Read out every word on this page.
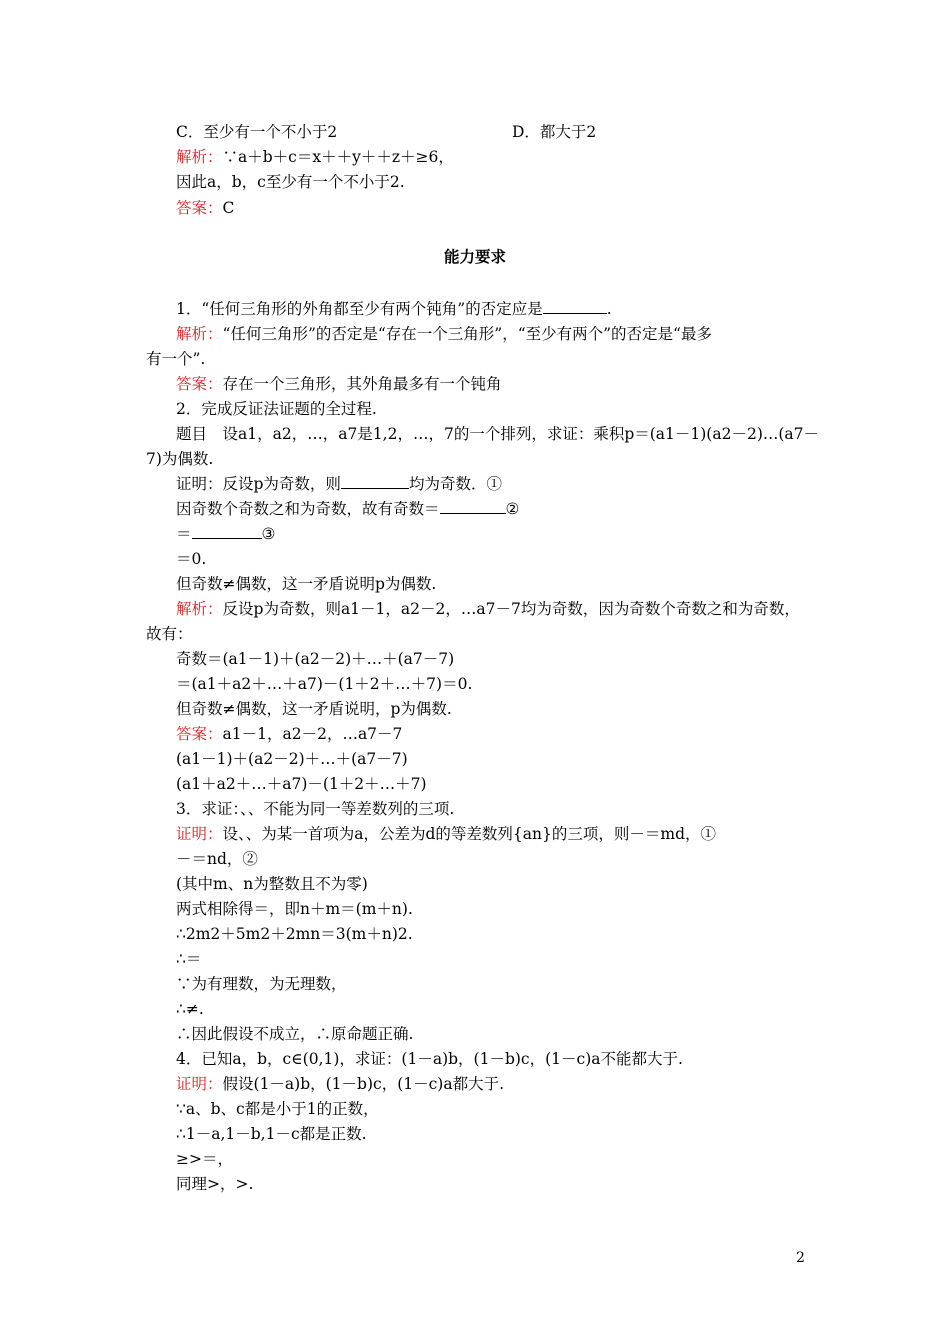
C．至少有一个不小于2	D．都大于2
解析：∵a＋b＋c＝x＋＋y＋＋z＋≥6，
因此a，b，c至少有一个不小于2.
答案：C
能力要求
1．“任何三角形的外角都至少有两个钝角”的否定应是	.
解析：“任何三角形”的否定是“存在一个三角形”，“至少有两个”的否定是“最多
有一个”.
答案：存在一个三角形，其外角最多有一个钝角
2．完成反证法证题的全过程.
题目　设a1，a2，…，a7是1,2，…，7的一个排列，求证：乘积p＝(a1－1)(a2－2)…(a7－
7)为偶数.
证明：反设p为奇数，则	均为奇数．①
因奇数个奇数之和为奇数，故有奇数＝	②
＝	③
＝0.
但奇数≠偶数，这一矛盾说明p为偶数.
解析：反设p为奇数，则a1－1，a2－2，…a7－7均为奇数，因为奇数个奇数之和为奇数，
故有：
奇数＝(a1－1)＋(a2－2)＋…＋(a7－7)
＝(a1＋a2＋…＋a7)－(1＋2＋…＋7)＝0.
但奇数≠偶数，这一矛盾说明，p为偶数.
答案：a1－1，a2－2，…a7－7
(a1－1)＋(a2－2)＋…＋(a7－7)
(a1＋a2＋…＋a7)－(1＋2＋…＋7)
3．求证：、、不能为同一等差数列的三项.
证明：设、、为某一首项为a，公差为d的等差数列{an}的三项，则－＝md，①
－＝nd，②
(其中m、n为整数且不为零)
两式相除得＝，即n＋m＝(m＋n).
∴2m2＋5m2＋2mn＝3(m＋n)2.
∴＝
∵为有理数，为无理数，
∴≠.
∴因此假设不成立，∴原命题正确.
4．已知a，b，c∈(0,1)，求证：(1－a)b，(1－b)c，(1－c)a不能都大于.
证明：假设(1－a)b，(1－b)c，(1－c)a都大于.
∵a、b、c都是小于1的正数，
∴1－a,1－b,1－c都是正数.
≥>＝，
同理>，>.
2
